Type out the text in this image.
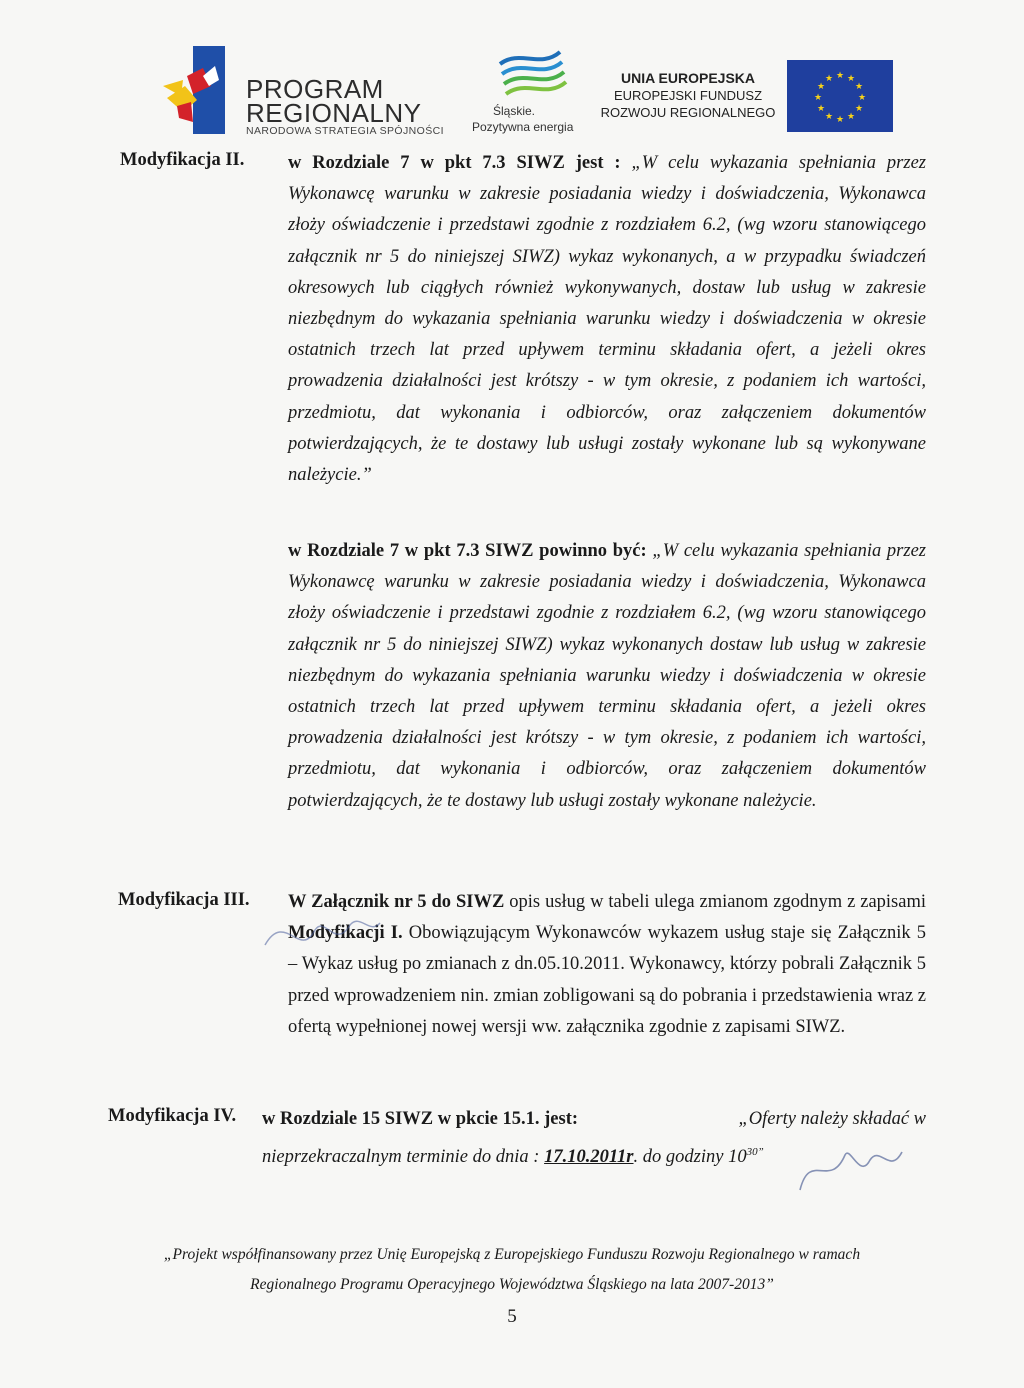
PROGRAM
REGIONALNY
NARODOWA STRATEGIA SPÓJNOŚCI
Śląskie.
Pozytywna energia
UNIA EUROPEJSKA
EUROPEJSKI FUNDUSZ
ROZWOJU REGIONALNEGO
★ ★
★
★
★
★
★
★
★
★
★
★
Modyfikacja II. w Rozdziale 7 w pkt 7.3 SIWZ jest : „W celu wykazania spełniania przez Wykonawcę warunku w zakresie posiadania wiedzy i doświadczenia, Wykonawca złoży oświadczenie i przedstawi zgodnie z rozdziałem 6.2, (wg wzoru stanowiącego załącznik nr 5 do niniejszej SIWZ) wykaz wykonanych, a w przypadku świadczeń okresowych lub ciągłych również wykonywanych, dostaw lub usług w zakresie niezbędnym do wykazania spełniania warunku wiedzy i doświadczenia w okresie ostatnich trzech lat przed upływem terminu składania ofert, a jeżeli okres prowadzenia działalności jest krótszy - w tym okresie, z podaniem ich wartości, przedmiotu, dat wykonania i odbiorców, oraz załączeniem dokumentów potwierdzających, że te dostawy lub usługi zostały wykonane lub są wykonywane należycie.”
w Rozdziale 7 w pkt 7.3 SIWZ powinno być: „W celu wykazania spełniania przez Wykonawcę warunku w zakresie posiadania wiedzy i doświadczenia, Wykonawca złoży oświadczenie i przedstawi zgodnie z rozdziałem 6.2, (wg wzoru stanowiącego załącznik nr 5 do niniejszej SIWZ) wykaz wykonanych dostaw lub usług w zakresie niezbędnym do wykazania spełniania warunku wiedzy i doświadczenia w okresie ostatnich trzech lat przed upływem terminu składania ofert, a jeżeli okres prowadzenia działalności jest krótszy - w tym okresie, z podaniem ich wartości, przedmiotu, dat wykonania i odbiorców, oraz załączeniem dokumentów potwierdzających, że te dostawy lub usługi zostały wykonane należycie.
Modyfikacja III. W Załącznik nr 5 do SIWZ opis usług w tabeli ulega zmianom zgodnym z zapisami Modyfikacji I. Obowiązującym Wykonawców wykazem usług staje się Załącznik 5 – Wykaz usług po zmianach z dn.05.10.2011. Wykonawcy, którzy pobrali Załącznik 5 przed wprowadzeniem nin. zmian zobligowani są do pobrania i przedstawienia wraz z ofertą wypełnionej nowej wersji ww. załącznika zgodnie z zapisami SIWZ.
Modyfikacja IV. w Rozdziale 15 SIWZ w pkcie 15.1. jest:	„Oferty należy składać w
nieprzekraczalnym terminie do dnia : 17.10.2011r. do godziny $10^{30”}$
„Projekt współfinansowany przez Unię Europejską z Europejskiego Funduszu Rozwoju Regionalnego w ramach
Regionalnego Programu Operacyjnego Województwa Śląskiego na lata 2007-2013”
5
